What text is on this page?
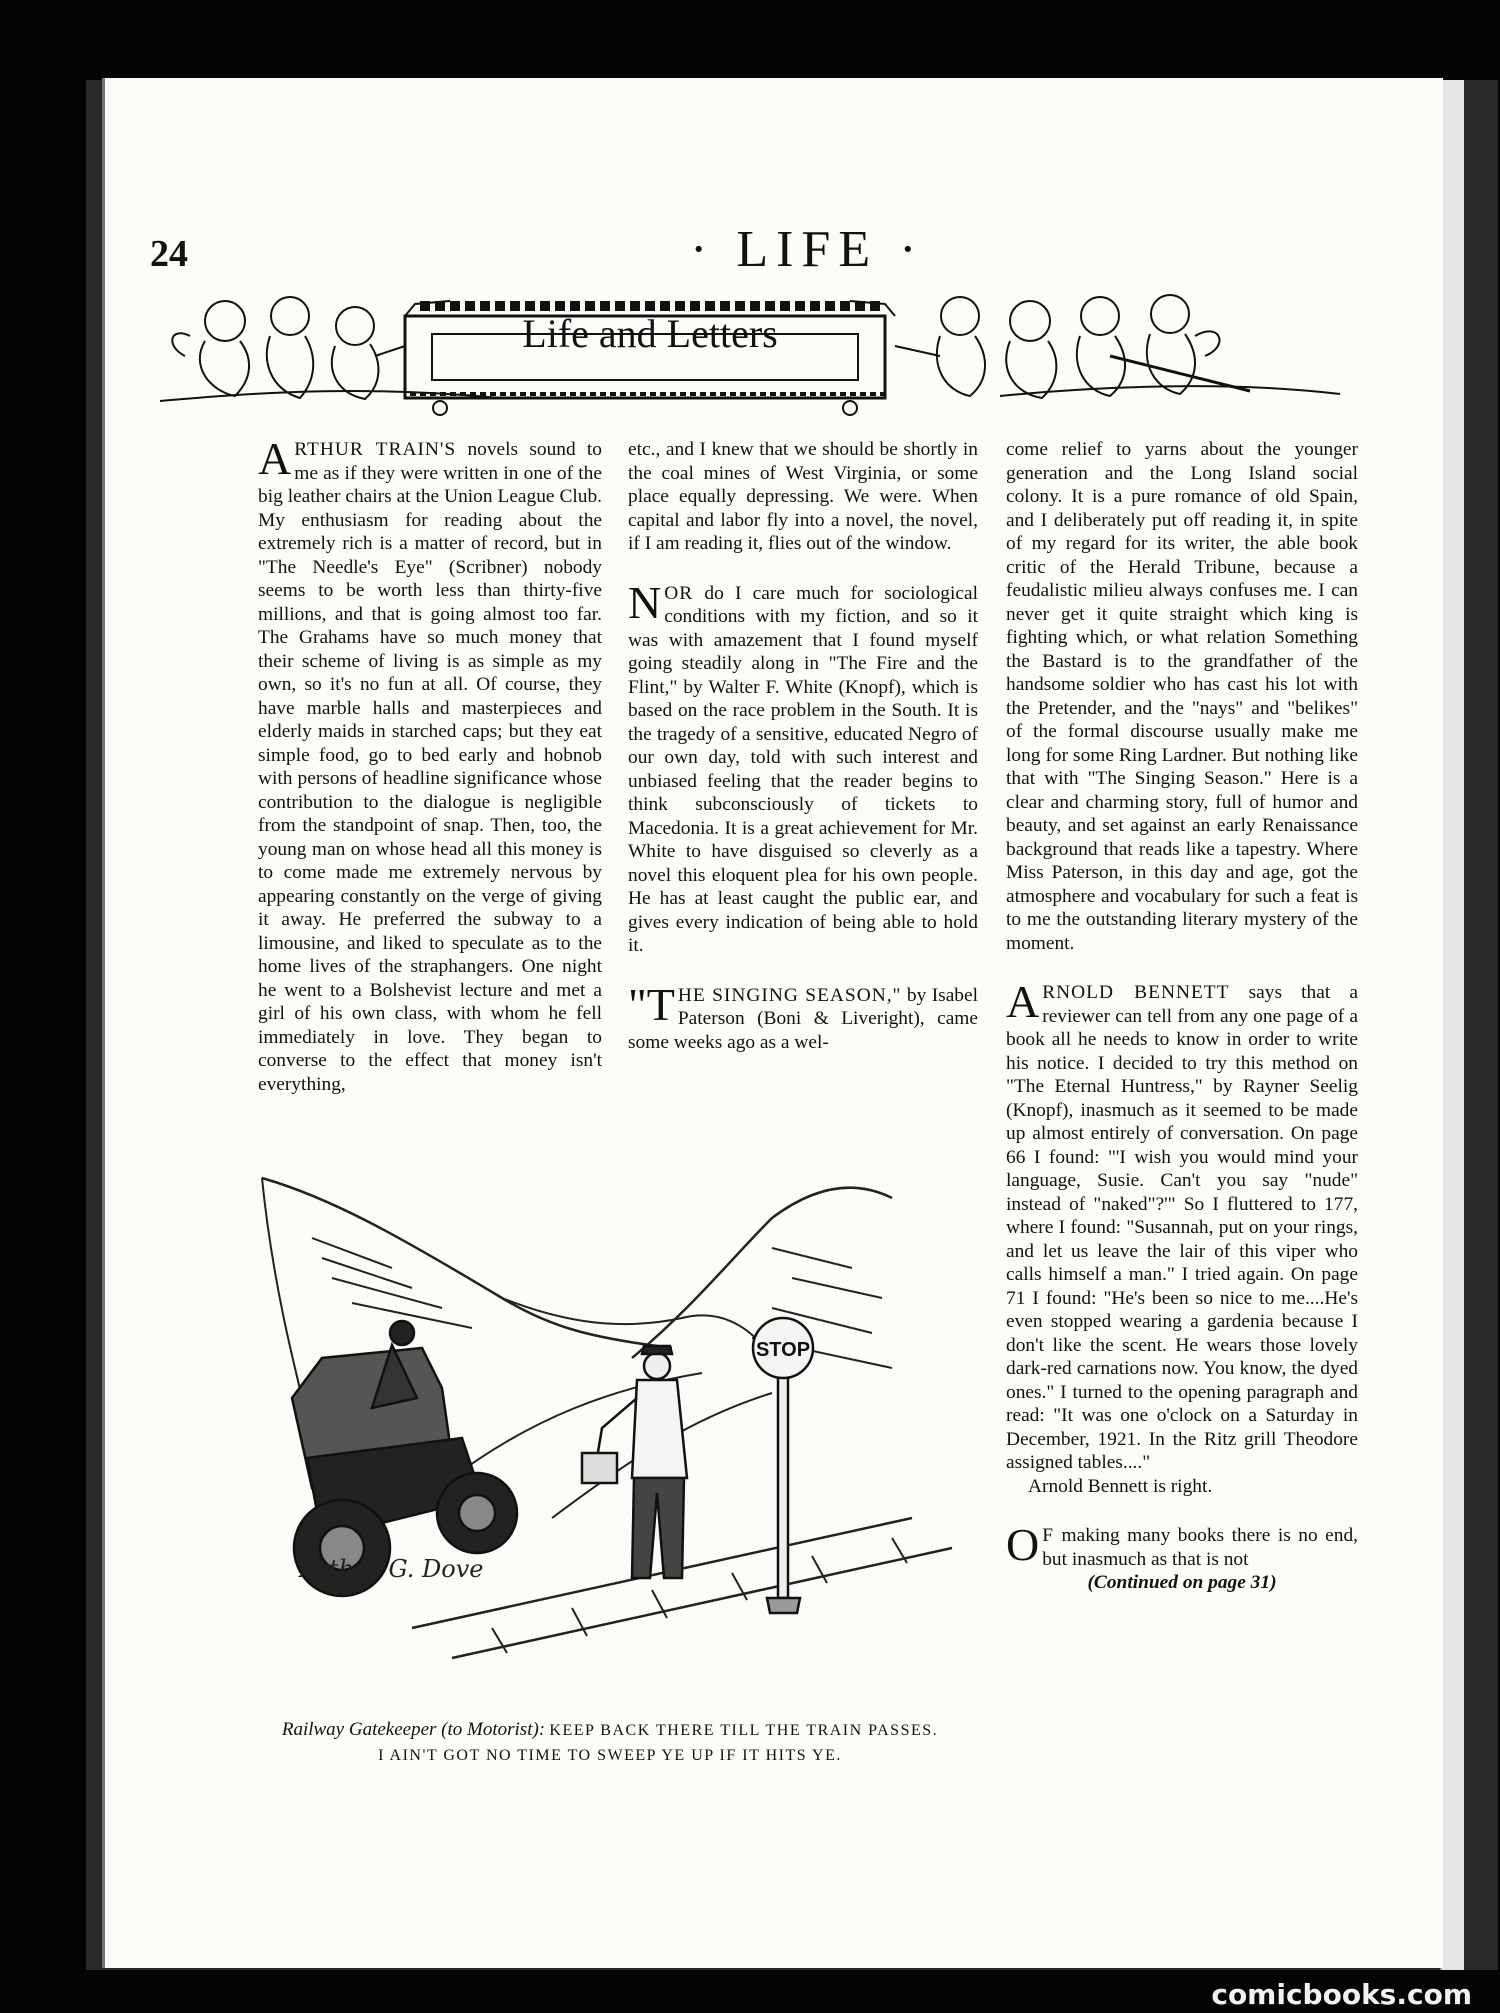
24	· LIFE ·
Life and Letters

ARTHUR TRAIN'S novels sound to me as if they were written in one of the big leather chairs at the Union League Club. My enthusiasm for reading about the extremely rich is a matter of record, but in "The Needle's Eye" (Scribner) nobody seems to be worth less than thirty-five millions, and that is going almost too far. The Grahams have so much money that their scheme of living is as simple as my own, so it's no fun at all. Of course, they have marble halls and masterpieces and elderly maids in starched caps; but they eat simple food, go to bed early and hobnob with persons of headline significance whose contribution to the dialogue is negligible from the standpoint of snap. Then, too, the young man on whose head all this money is to come made me extremely nervous by appearing constantly on the verge of giving it away. He preferred the subway to a limousine, and liked to speculate as to the home lives of the straphangers. One night he went to a Bolshevist lecture and met a girl of his own class, with whom he fell immediately in love. They began to converse to the effect that money isn't everything,

etc., and I knew that we should be shortly in the coal mines of West Virginia, or some place equally depressing. We were. When capital and labor fly into a novel, the novel, if I am reading it, flies out of the window.

NOR do I care much for sociological conditions with my fiction, and so it was with amazement that I found myself going steadily along in "The Fire and the Flint," by Walter F. White (Knopf), which is based on the race problem in the South. It is the tragedy of a sensitive, educated Negro of our own day, told with such interest and unbiased feeling that the reader begins to think subconsciously of tickets to Macedonia. It is a great achievement for Mr. White to have disguised so cleverly as a novel this eloquent plea for his own people. He has at least caught the public ear, and gives every indication of being able to hold it.

"THE SINGING SEASON," by Isabel Paterson (Boni & Liveright), came some weeks ago as a wel-

come relief to yarns about the younger generation and the Long Island social colony. It is a pure romance of old Spain, and I deliberately put off reading it, in spite of my regard for its writer, the able book critic of the Herald Tribune, because a feudalistic milieu always confuses me. I can never get it quite straight which king is fighting which, or what relation Something the Bastard is to the grandfather of the handsome soldier who has cast his lot with the Pretender, and the "nays" and "belikes" of the formal discourse usually make me long for some Ring Lardner. But nothing like that with "The Singing Season." Here is a clear and charming story, full of humor and beauty, and set against an early Renaissance background that reads like a tapestry. Where Miss Paterson, in this day and age, got the atmosphere and vocabulary for such a feat is to me the outstanding literary mystery of the moment.

ARNOLD BENNETT says that a reviewer can tell from any one page of a book all he needs to know in order to write his notice. I decided to try this method on "The Eternal Huntress," by Rayner Seelig (Knopf), inasmuch as it seemed to be made up almost entirely of conversation. On page 66 I found: "'I wish you would mind your language, Susie. Can't you say "nude" instead of "naked"?'" So I fluttered to 177, where I found: "Susannah, put on your rings, and let us leave the lair of this viper who calls himself a man." I tried again. On page 71 I found: "He's been so nice to me....He's even stopped wearing a gardenia because I don't like the scent. He wears those lovely dark-red carnations now. You know, the dyed ones." I turned to the opening paragraph and read: "It was one o'clock on a Saturday in December, 1921. In the Ritz grill Theodore assigned tables...."

Arnold Bennett is right.

O F making many books there is no end, but inasmuch as that is not

(Continued on page 31)

STOP
Arthur G. Dove
Railway Gatekeeper (to Motorist): KEEP BACK THERE TILL THE TRAIN PASSES.
I AIN'T GOT NO TIME TO SWEEP YE UP IF IT HITS YE.
comicbooks.com
